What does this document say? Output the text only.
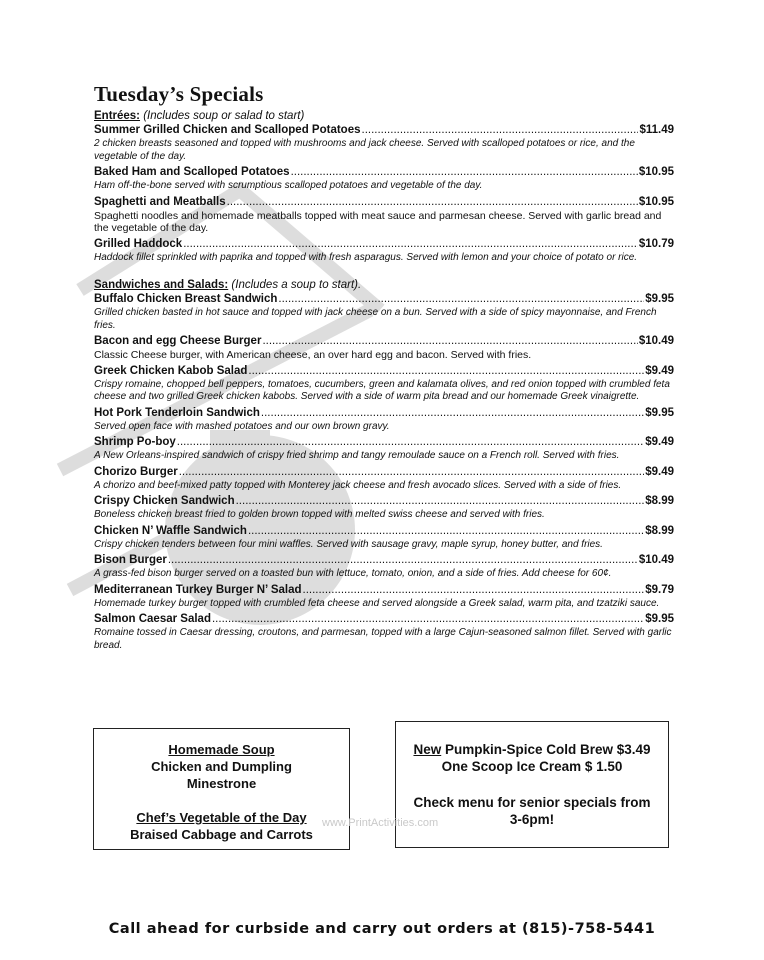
Tuesday’s Specials
Entrées: (Includes soup or salad to start)
Summer Grilled Chicken and Scalloped Potatoes .....	$11.49
2 chicken breasts seasoned and topped with mushrooms and jack cheese. Served with scalloped potatoes or rice, and the vegetable of the day.
Baked Ham and Scalloped Potatoes .....	$10.95
Ham off-the-bone served with scrumptious scalloped potatoes and vegetable of the day.
Spaghetti and Meatballs .....	$10.95
Spaghetti noodles and homemade meatballs topped with meat sauce and parmesan cheese. Served with garlic bread and the vegetable of the day.
Grilled Haddock .....	$10.79
Haddock fillet sprinkled with paprika and topped with fresh asparagus. Served with lemon and your choice of potato or rice.
Sandwiches and Salads: (Includes a soup to start).
Buffalo Chicken Breast Sandwich .....	$9.95
Grilled chicken basted in hot sauce and topped with jack cheese on a bun. Served with a side of spicy mayonnaise, and French fries.
Bacon and egg Cheese Burger .....	$10.49
Classic Cheese burger, with American cheese, an over hard egg and bacon. Served with fries.
Greek Chicken Kabob Salad .....	$9.49
Crispy romaine, chopped bell peppers, tomatoes, cucumbers, green and kalamata olives, and red onion topped with crumbled feta cheese and two grilled Greek chicken kabobs. Served with a side of warm pita bread and our homemade Greek vinaigrette.
Hot Pork Tenderloin Sandwich .....	$9.95
Served open face with mashed potatoes and our own brown gravy.
Shrimp Po-boy .....	$9.49
A New Orleans-inspired sandwich of crispy fried shrimp and tangy remoulade sauce on a French roll. Served with fries.
Chorizo Burger .....	$9.49
A chorizo and beef-mixed patty topped with Monterey jack cheese and fresh avocado slices. Served with a side of fries.
Crispy Chicken Sandwich .....	$8.99
Boneless chicken breast fried to golden brown topped with melted swiss cheese and served with fries.
Chicken N’ Waffle Sandwich .....	$8.99
Crispy chicken tenders between four mini waffles. Served with sausage gravy, maple syrup, honey butter, and fries.
Bison Burger .....	$10.49
A grass-fed bison burger served on a toasted bun with lettuce, tomato, onion, and a side of fries. Add cheese for 60¢.
Mediterranean Turkey Burger N’ Salad .....	$9.79
Homemade turkey burger topped with crumbled feta cheese and served alongside a Greek salad, warm pita, and tzatziki sauce.
Salmon Caesar Salad .....	$9.95
Romaine tossed in Caesar dressing, croutons, and parmesan, topped with a large Cajun-seasoned salmon fillet. Served with garlic bread.
Homemade Soup
Chicken and Dumpling
Minestrone
Chef’s Vegetable of the Day
Braised Cabbage and Carrots
New Pumpkin-Spice Cold Brew $3.49
One Scoop Ice Cream $ 1.50
Check menu for senior specials from
3-6pm!
www.PrintActivities.com
Call ahead for curbside and carry out orders at (815)-758-5441
